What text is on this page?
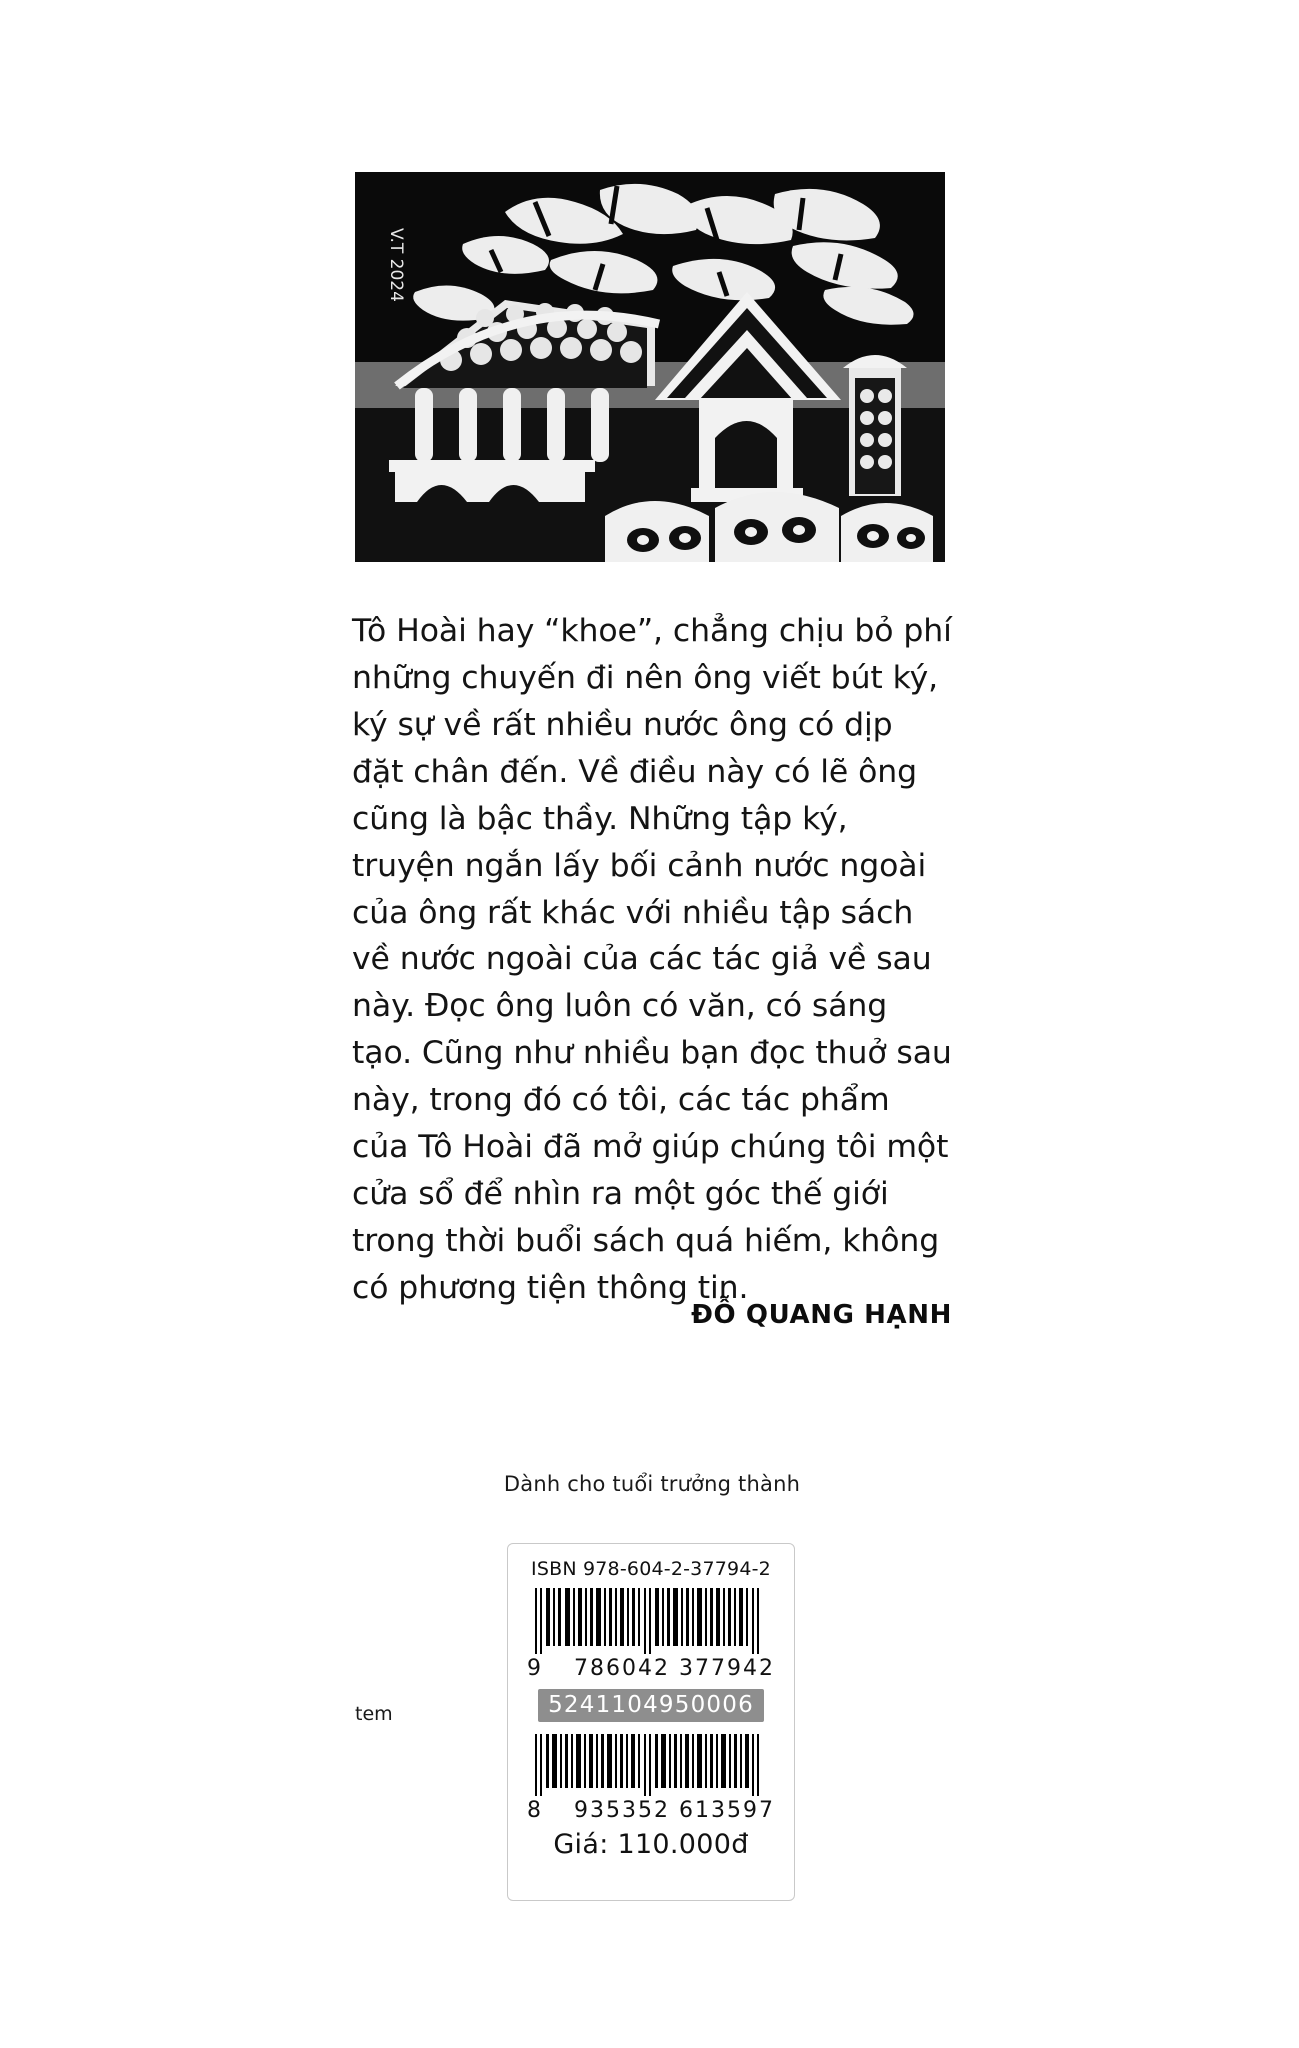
V.T 2024
Tô Hoài hay “khoe”, chẳng chịu bỏ phí những chuyến đi nên ông viết bút ký, ký sự về rất nhiều nước ông có dịp đặt chân đến. Về điều này có lẽ ông cũng là bậc thầy. Những tập ký, truyện ngắn lấy bối cảnh nước ngoài của ông rất khác với nhiều tập sách về nước ngoài của các tác giả về sau này. Đọc ông luôn có văn, có sáng tạo. Cũng như nhiều bạn đọc thuở sau này, trong đó có tôi, các tác phẩm của Tô Hoài đã mở giúp chúng tôi một cửa sổ để nhìn ra một góc thế giới trong thời buổi sách quá hiếm, không có phương tiện thông tin.
ĐỖ QUANG HẠNH
Dành cho tuổi trưởng thành
tem
ISBN 978-604-2-37794-2
9 786042 377942
5241104950006
8 935352 613597
Giá: 110.000đ
